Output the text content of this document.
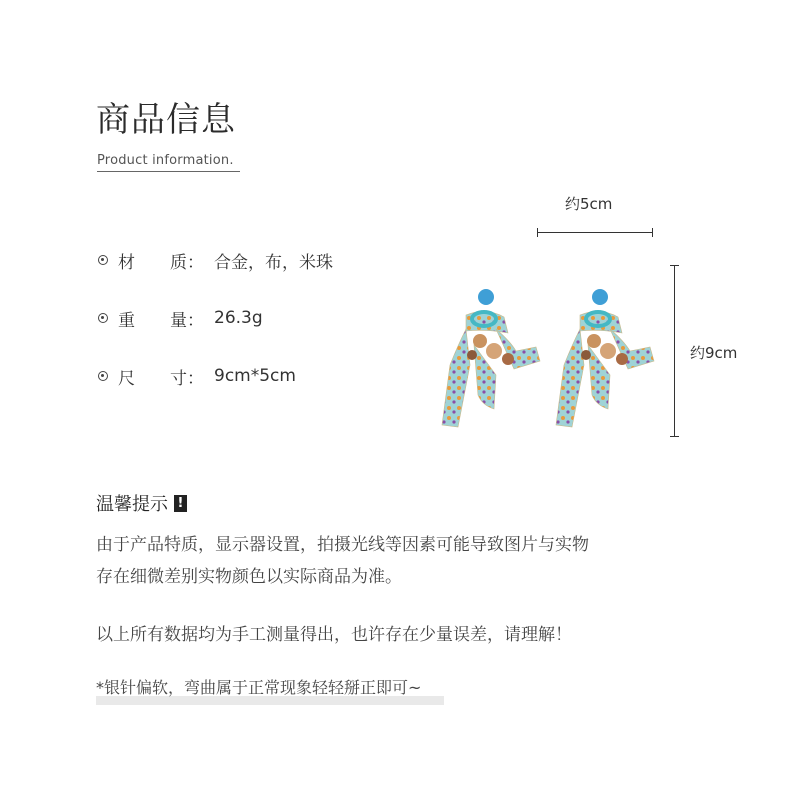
商品信息
Product information.
材 质： 合金，布，米珠
重 量： 26.3g
尺 寸： 9cm*5cm
约5cm
约9cm
温馨提示 !
由于产品特质，显示器设置，拍摄光线等因素可能导致图片与实物
存在细微差别实物颜色以实际商品为准。
以上所有数据均为手工测量得出，也许存在少量误差，请理解！
*银针偏软，弯曲属于正常现象轻轻掰正即可~
